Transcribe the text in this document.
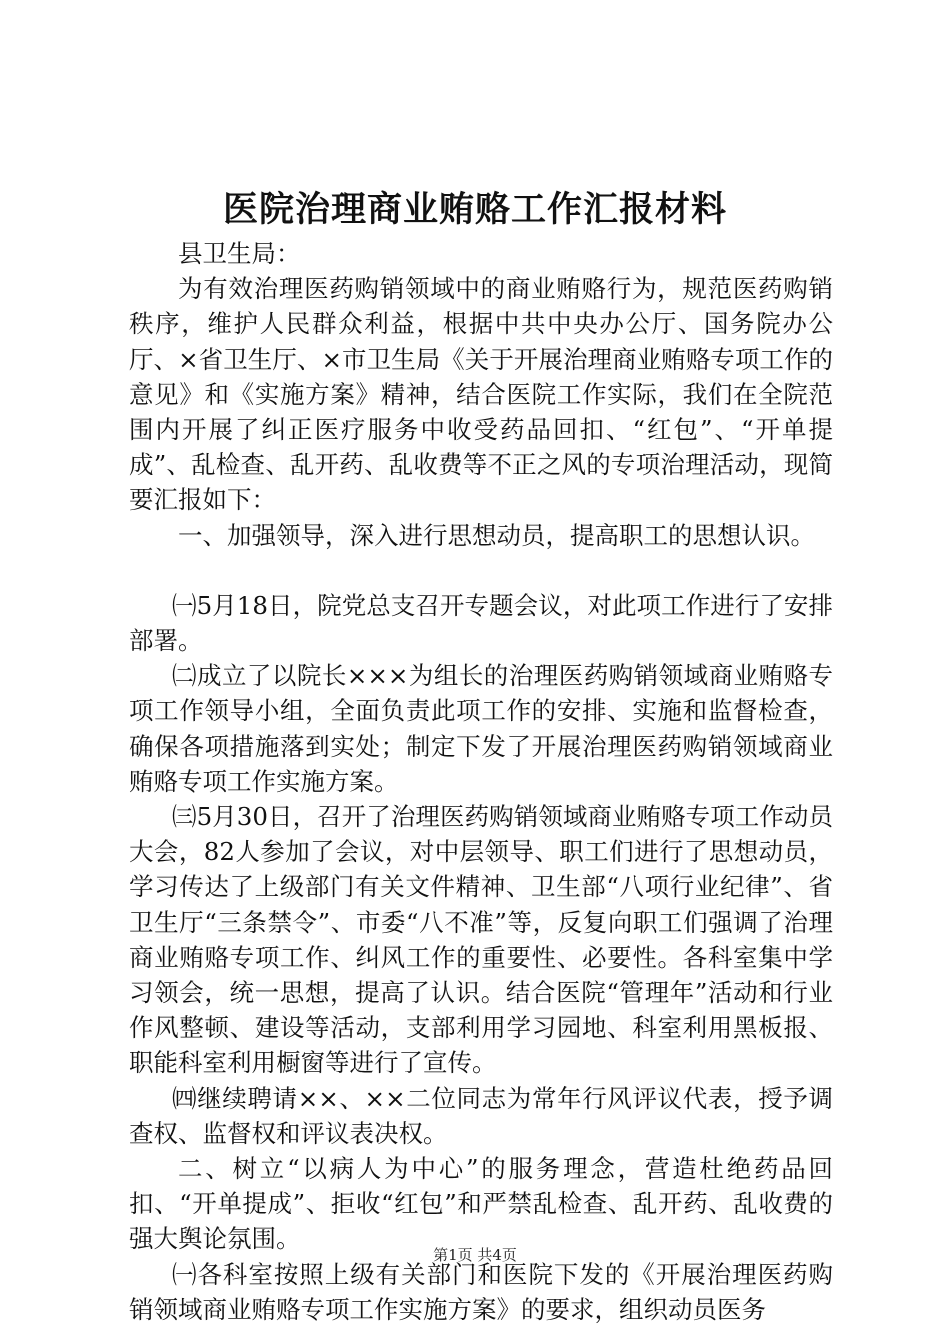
医院治理商业贿赂工作汇报材料

县卫生局：

为有效治理医药购销领域中的商业贿赂行为，规范医药购销秩序，维护人民群众利益，根据中共中央办公厅、国务院办公厅、×省卫生厅、×市卫生局《关于开展治理商业贿赂专项工作的意见》和《实施方案》精神，结合医院工作实际，我们在全院范围内开展了纠正医疗服务中收受药品回扣、“红包”、“开单提成”、乱检查、乱开药、乱收费等不正之风的专项治理活动，现简要汇报如下：

一、加强领导，深入进行思想动员，提高职工的思想认识。

㈠5月18日，院党总支召开专题会议，对此项工作进行了安排部署。

㈡成立了以院长×××为组长的治理医药购销领域商业贿赂专项工作领导小组，全面负责此项工作的安排、实施和监督检查，确保各项措施落到实处；制定下发了开展治理医药购销领域商业贿赂专项工作实施方案。

㈢5月30日，召开了治理医药购销领域商业贿赂专项工作动员大会，82人参加了会议，对中层领导、职工们进行了思想动员，学习传达了上级部门有关文件精神、卫生部“八项行业纪律”、省卫生厅“三条禁令”、市委“八不准”等，反复向职工们强调了治理商业贿赂专项工作、纠风工作的重要性、必要性。各科室集中学习领会，统一思想，提高了认识。结合医院“管理年”活动和行业作风整顿、建设等活动，支部利用学习园地、科室利用黑板报、职能科室利用橱窗等进行了宣传。

㈣继续聘请××、××二位同志为常年行风评议代表，授予调查权、监督权和评议表决权。

二、树立“以病人为中心”的服务理念，营造杜绝药品回扣、“开单提成”、拒收“红包”和严禁乱检查、乱开药、乱收费的强大舆论氛围。

㈠各科室按照上级有关部门和医院下发的《开展治理医药购销领域商业贿赂专项工作实施方案》的要求，组织动员医务

第1页 共4页
